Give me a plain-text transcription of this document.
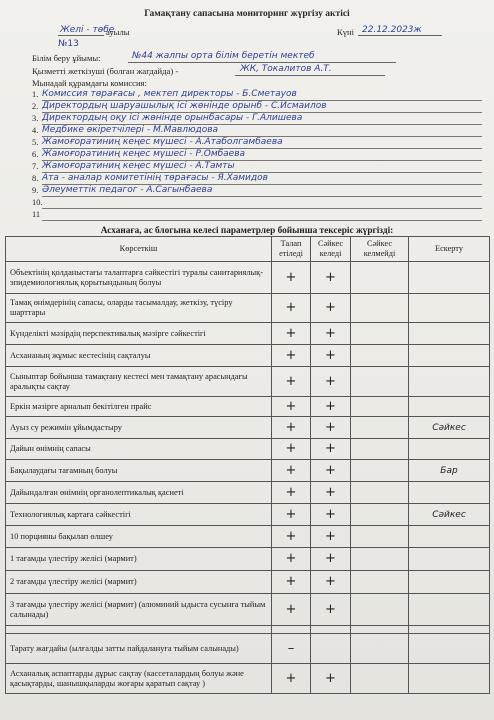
Гамақтану сапасына мониторинг жүргізу актісі
Желі - төбе
ауылы	Күні 22.12.2023ж
№13
Білім беру ұйымы:	№44 жалпы орта білім беретін мектеб
Қызметті жеткізуші (болган жагдайда) -	ЖК, Токалитов А.Т.
Мынадай құрамдағы комиссия:
1. Комиссия төрағасы , мектеп директоры - Б.Сметауов
2. Директордың шаруашылық ісі жөнінде орынб - С.Исмаилов
3. Директордың оқу ісі жөнінде орынбасары - Г.Алишева
4. Медбике өкіретчілері - М.Мавлюдова
5. Жамоғоратиниң кеңес мүшесі - А.Атаболгамбаева
6. Жамоғоратиниң кеңес мүшесі - Р.Омбаева
7. Жамоғоратиниң кеңес мүшесі - А.Тамты
8. Ата - аналар комитетінің төрағасы - Я.Хамидов
9. Әлеуметтік педагог - А.Сагынбаева
10.
11
Асханаға, ас блогына келесі параметрлер бойынша тексеріс жүргізді:
Көрсеткіш	Талап етіледі	Сәйкес келеді	Сәйкес келмейді	Ескерту
Объектінің қолданыстағы талаптарға сәйкестігі туралы санитариялық-эпидемиологиялық қорытындының болуы	+	+		
Тамақ өнімдерінің сапасы, оларды тасымалдау, жеткізу, түсіру шарттары	+	+		
Күнделікті мәзірдің перспективалық мәзірге сәйкестігі	+	+		
Асхананың жұмыс кестесінің сақталуы	+	+		
Сыныптар бойынша тамақтану кестесі мен тамақтану арасындағы аралықты сақтау	+	+		
Еркін мәзірге арналып бекітілген прайс	+	+		
Ауыз су режимін ұйымдастыру	+	+		Сәйкес
Дайын өнімнің сапасы	+	+		
Бақылаудағы тағамның болуы	+	+		Бар
Дайындалған өнімнің органолептикалық қасиеті	+	+		
Технологиялық картаға сәйкестігі	+	+		Сәйкес
10 порцияны бақылап өлшеу	+	+		
1 тағамды үлестіру желісі (мармит)	+	+		
2 тағамды үлестіру желісі (мармит)	+	+		
3 тағамды үлестіру желісі (мармит) (алюминий ыдыста сусынға тыйым салынады)	+	+		

Тарату жағдайы (ылғалды затты пайдалануға тыйым салынады)	–			
Асханалық аспаптарды дұрыс сақтау (кассеталардың болуы және қасықтарды, шанышқыларды жоғары қаратып сақтау )	+	+		
